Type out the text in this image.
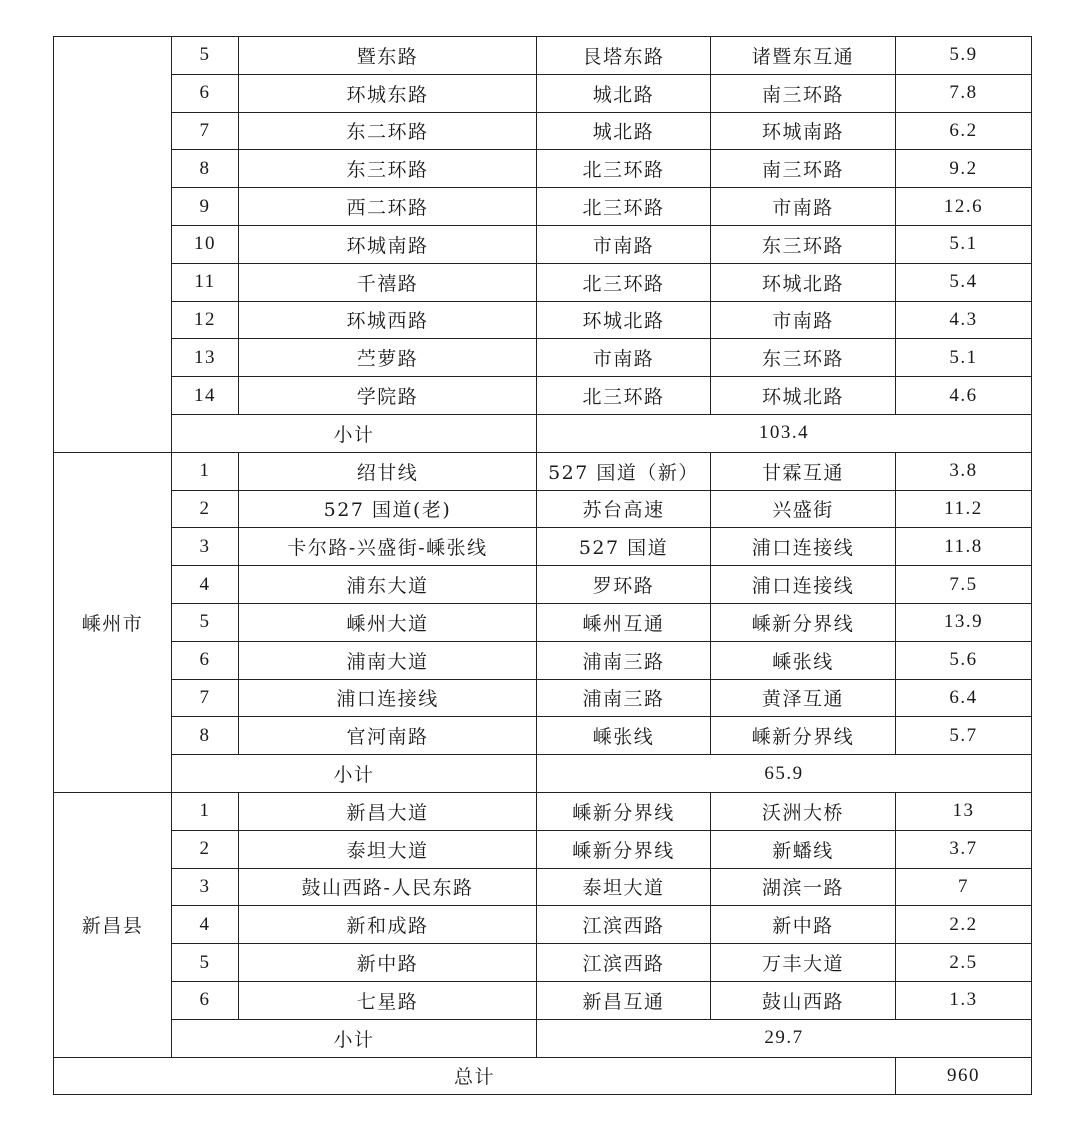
	5	暨东路	艮塔东路	诸暨东互通	5.9
	6	环城东路	城北路	南三环路	7.8
	7	东二环路	城北路	环城南路	6.2
	8	东三环路	北三环路	南三环路	9.2
	9	西二环路	北三环路	市南路	12.6
	10	环城南路	市南路	东三环路	5.1
	11	千禧路	北三环路	环城北路	5.4
	12	环城西路	环城北路	市南路	4.3
	13	苎萝路	市南路	东三环路	5.1
	14	学院路	北三环路	环城北路	4.6
	小计		103.4		
嵊州市	1	绍甘线	527 国道（新）	甘霖互通	3.8
	2	527 国道(老)	苏台高速	兴盛街	11.2
	3	卡尔路-兴盛街-嵊张线	527 国道	浦口连接线	11.8
	4	浦东大道	罗环路	浦口连接线	7.5
	5	嵊州大道	嵊州互通	嵊新分界线	13.9
	6	浦南大道	浦南三路	嵊张线	5.6
	7	浦口连接线	浦南三路	黄泽互通	6.4
	8	官河南路	嵊张线	嵊新分界线	5.7
	小计		65.9		
新昌县	1	新昌大道	嵊新分界线	沃洲大桥	13
	2	泰坦大道	嵊新分界线	新蟠线	3.7
	3	鼓山西路-人民东路	泰坦大道	湖滨一路	7
	4	新和成路	江滨西路	新中路	2.2
	5	新中路	江滨西路	万丰大道	2.5
	6	七星路	新昌互通	鼓山西路	1.3
	小计		29.7		
总计					960
